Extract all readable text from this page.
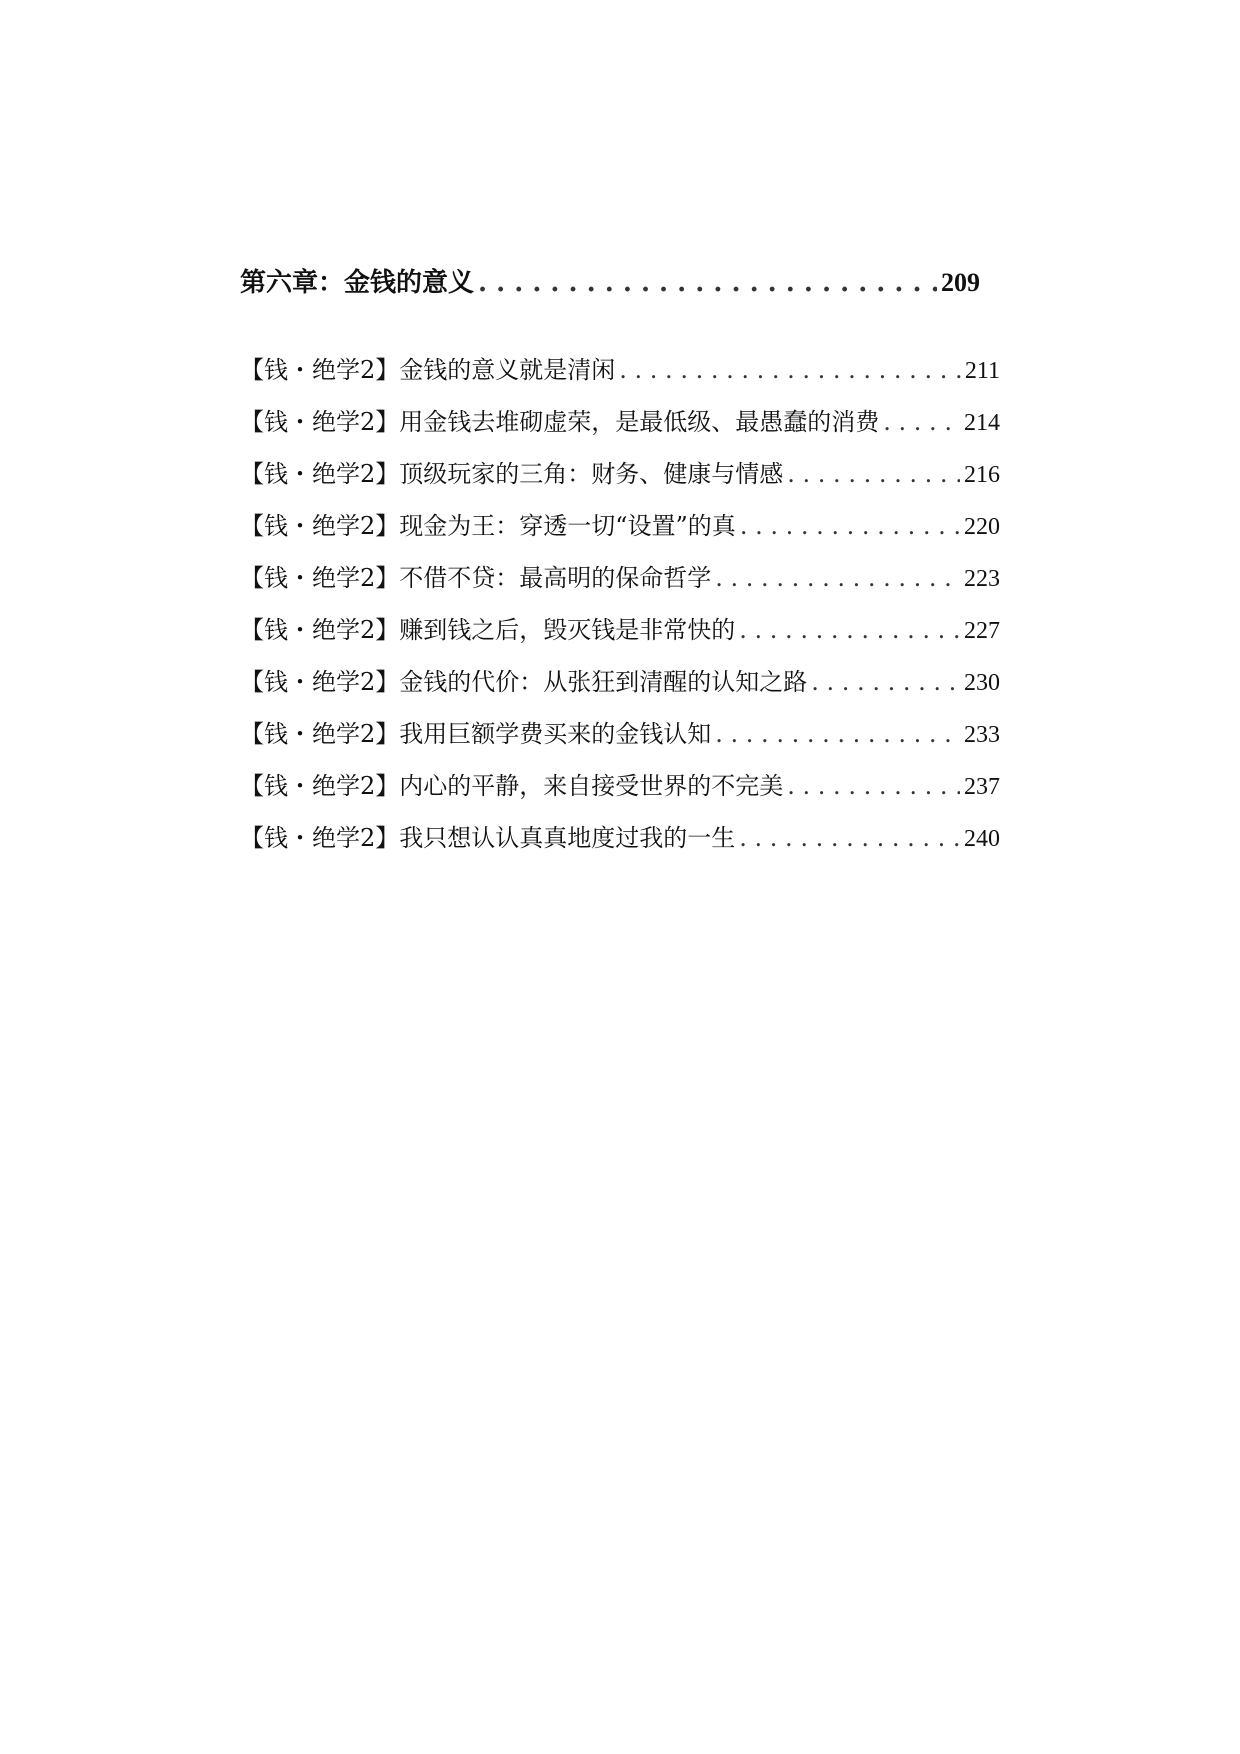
第六章：金钱的意义 . . .	209
【钱・绝学2】金钱的意义就是清闲 . . .	211
【钱・绝学2】用金钱去堆砌虚荣，是最低级、最愚蠢的消费 . . .	214
【钱・绝学2】顶级玩家的三角：财务、健康与情感 . . .	216
【钱・绝学2】现金为王：穿透一切“设置”的真 . . .	220
【钱・绝学2】不借不贷：最高明的保命哲学 . . .	223
【钱・绝学2】赚到钱之后，毁灭钱是非常快的 . . .	227
【钱・绝学2】金钱的代价：从张狂到清醒的认知之路 . . .	230
【钱・绝学2】我用巨额学费买来的金钱认知 . . .	233
【钱・绝学2】内心的平静，来自接受世界的不完美 . . .	237
【钱・绝学2】我只想认认真真地度过我的一生 . . .	240
